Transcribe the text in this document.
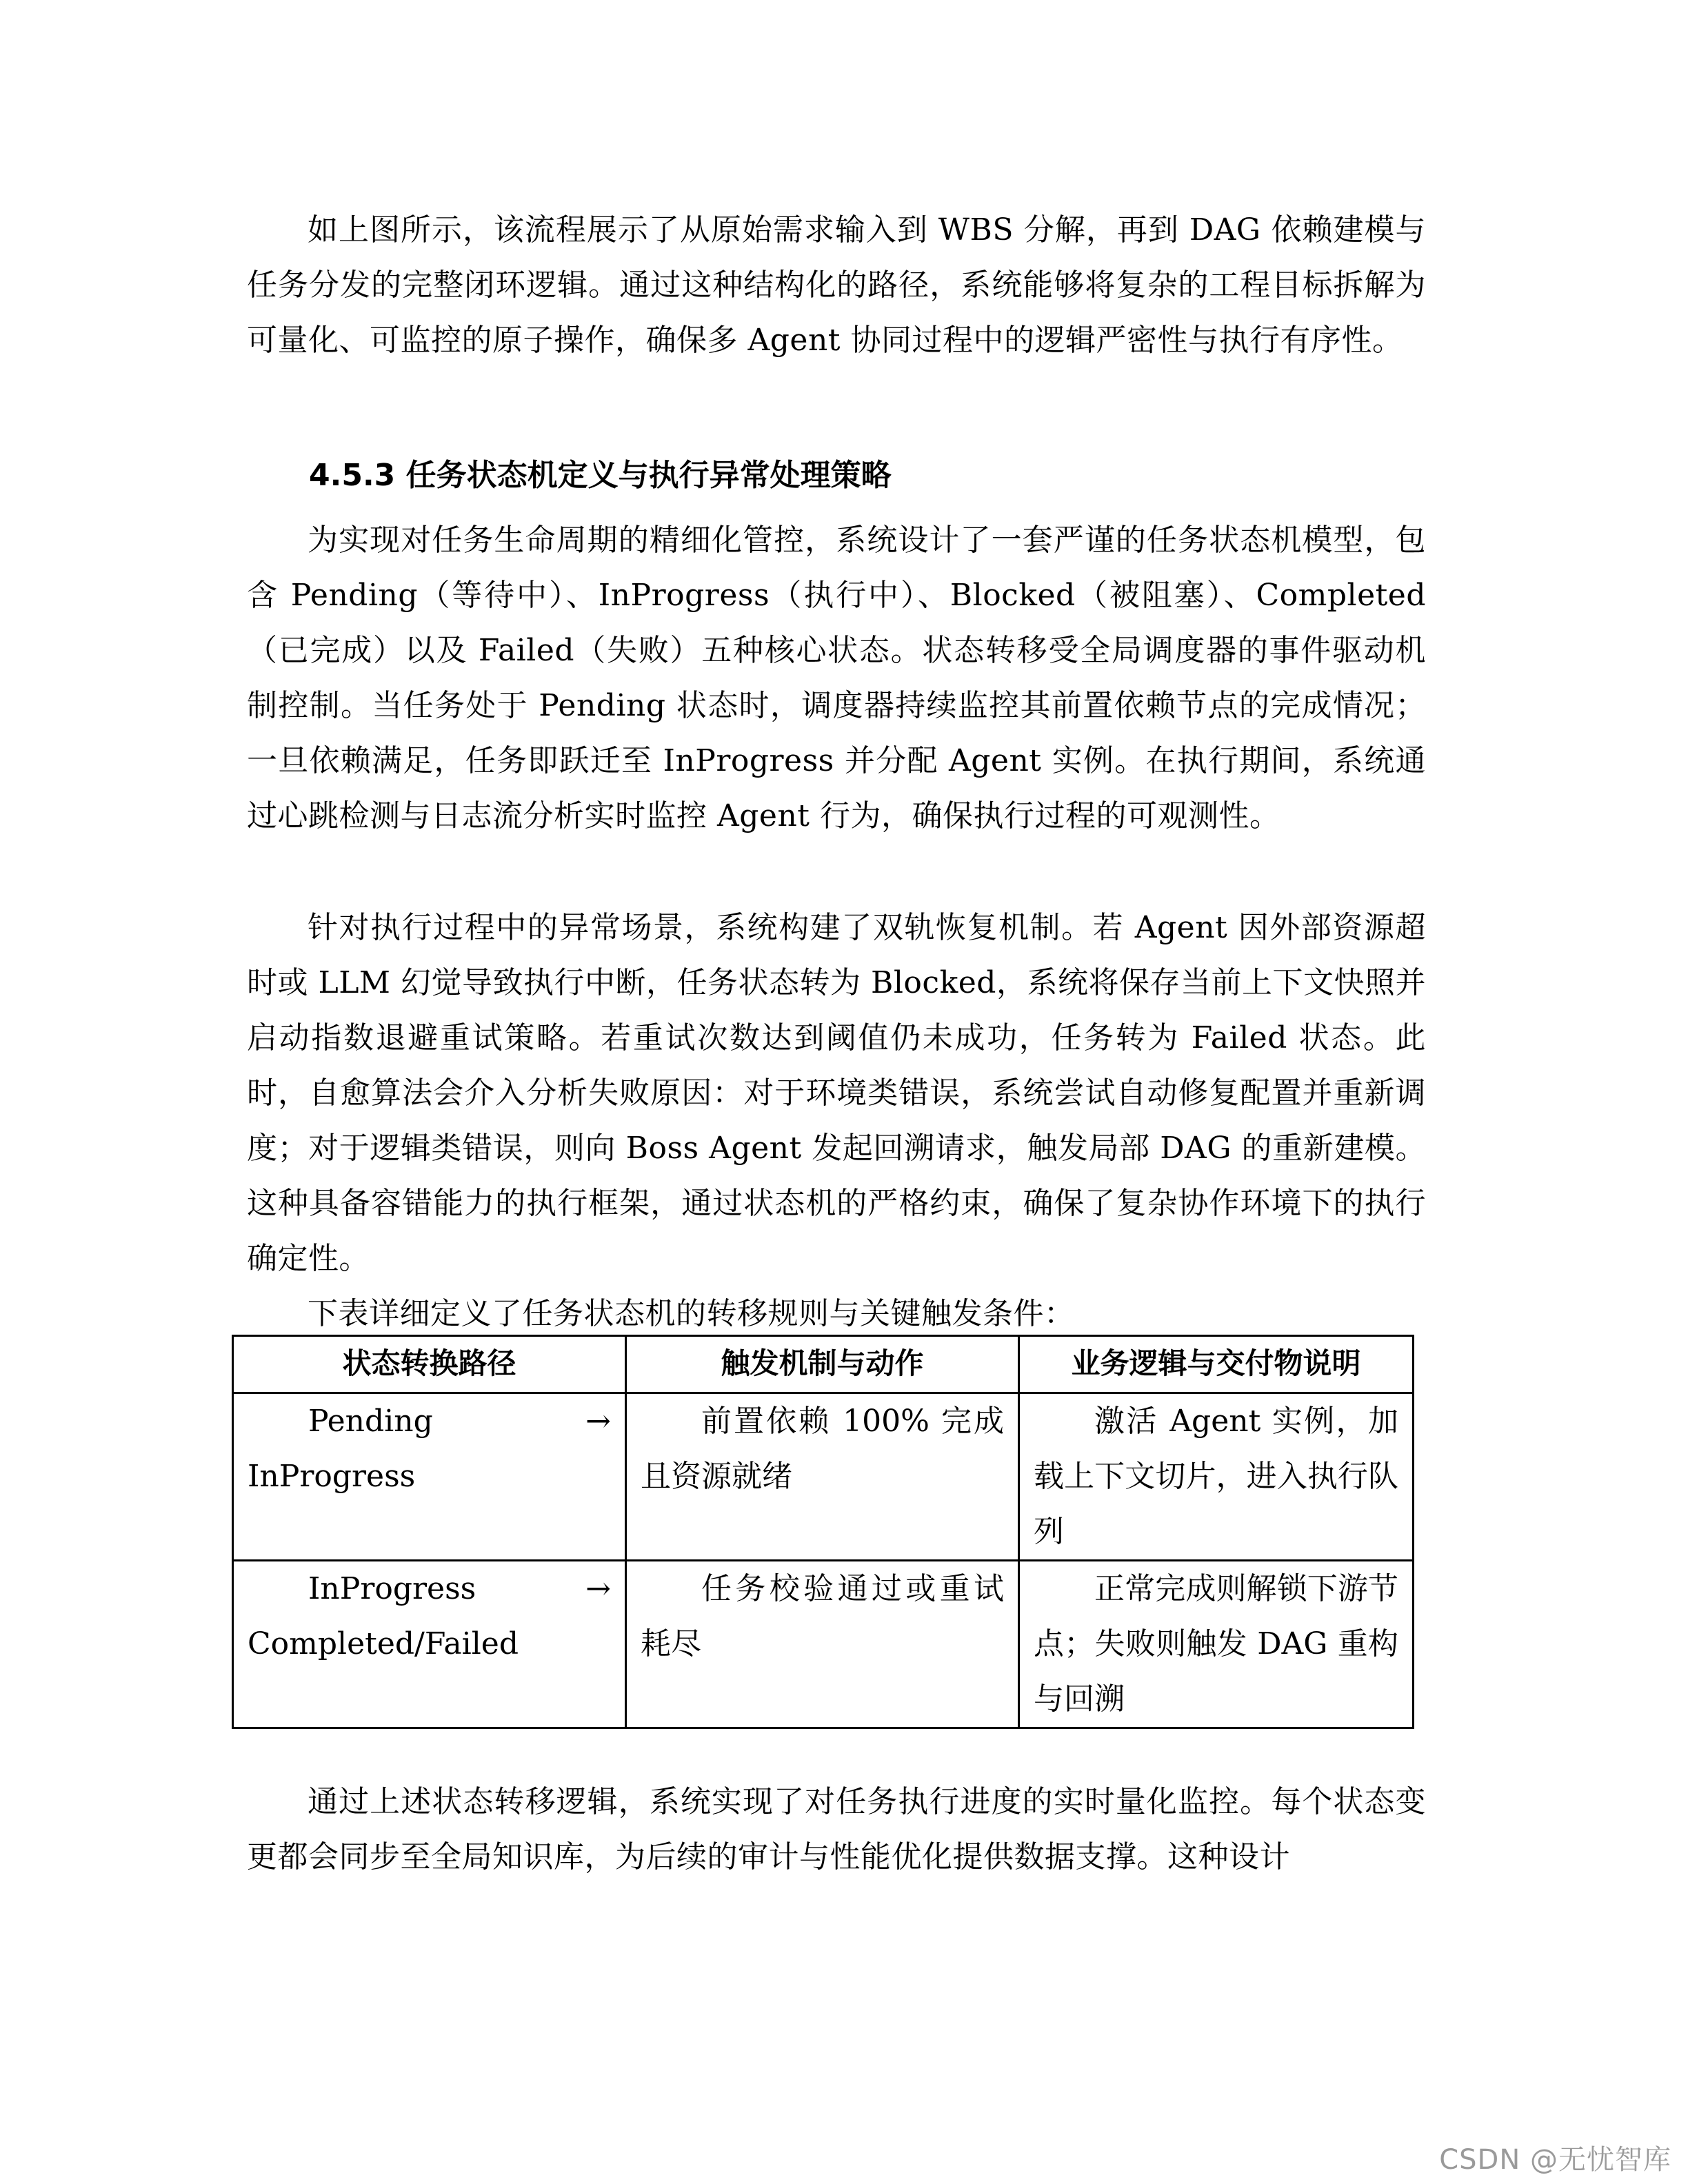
如上图所示，该流程展示了从原始需求输入到 WBS 分解，再到 DAG 依赖建模与任务分发的完整闭环逻辑。通过这种结构化的路径，系统能够将复杂的工程目标拆解为可量化、可监控的原子操作，确保多 Agent 协同过程中的逻辑严密性与执行有序性。

4.5.3 任务状态机定义与执行异常处理策略

为实现对任务生命周期的精细化管控，系统设计了一套严谨的任务状态机模型，包含 Pending（等待中）、InProgress（执行中）、Blocked（被阻塞）、Completed（已完成）以及 Failed（失败）五种核心状态。状态转移受全局调度器的事件驱动机制控制。当任务处于 Pending 状态时，调度器持续监控其前置依赖节点的完成情况；一旦依赖满足，任务即跃迁至 InProgress 并分配 Agent 实例。在执行期间，系统通过心跳检测与日志流分析实时监控 Agent 行为，确保执行过程的可观测性。

针对执行过程中的异常场景，系统构建了双轨恢复机制。若 Agent 因外部资源超时或 LLM 幻觉导致执行中断，任务状态转为 Blocked，系统将保存当前上下文快照并启动指数退避重试策略。若重试次数达到阈值仍未成功，任务转为 Failed 状态。此时，自愈算法会介入分析失败原因：对于环境类错误，系统尝试自动修复配置并重新调度；对于逻辑类错误，则向 Boss Agent 发起回溯请求，触发局部 DAG 的重新建模。这种具备容错能力的执行框架，通过状态机的严格约束，确保了复杂协作环境下的执行确定性。

下表详细定义了任务状态机的转移规则与关键触发条件：

状态转换路径	触发机制与动作	业务逻辑与交付物说明
Pending → InProgress	前置依赖 100% 完成且资源就绪	激活 Agent 实例，加载上下文切片，进入执行队列
InProgress → Completed/Failed	任务校验通过或重试耗尽	正常完成则解锁下游节点；失败则触发 DAG 重构与回溯

通过上述状态转移逻辑，系统实现了对任务执行进度的实时量化监控。每个状态变更都会同步至全局知识库，为后续的审计与性能优化提供数据支撑。这种设计

CSDN @无忧智库
